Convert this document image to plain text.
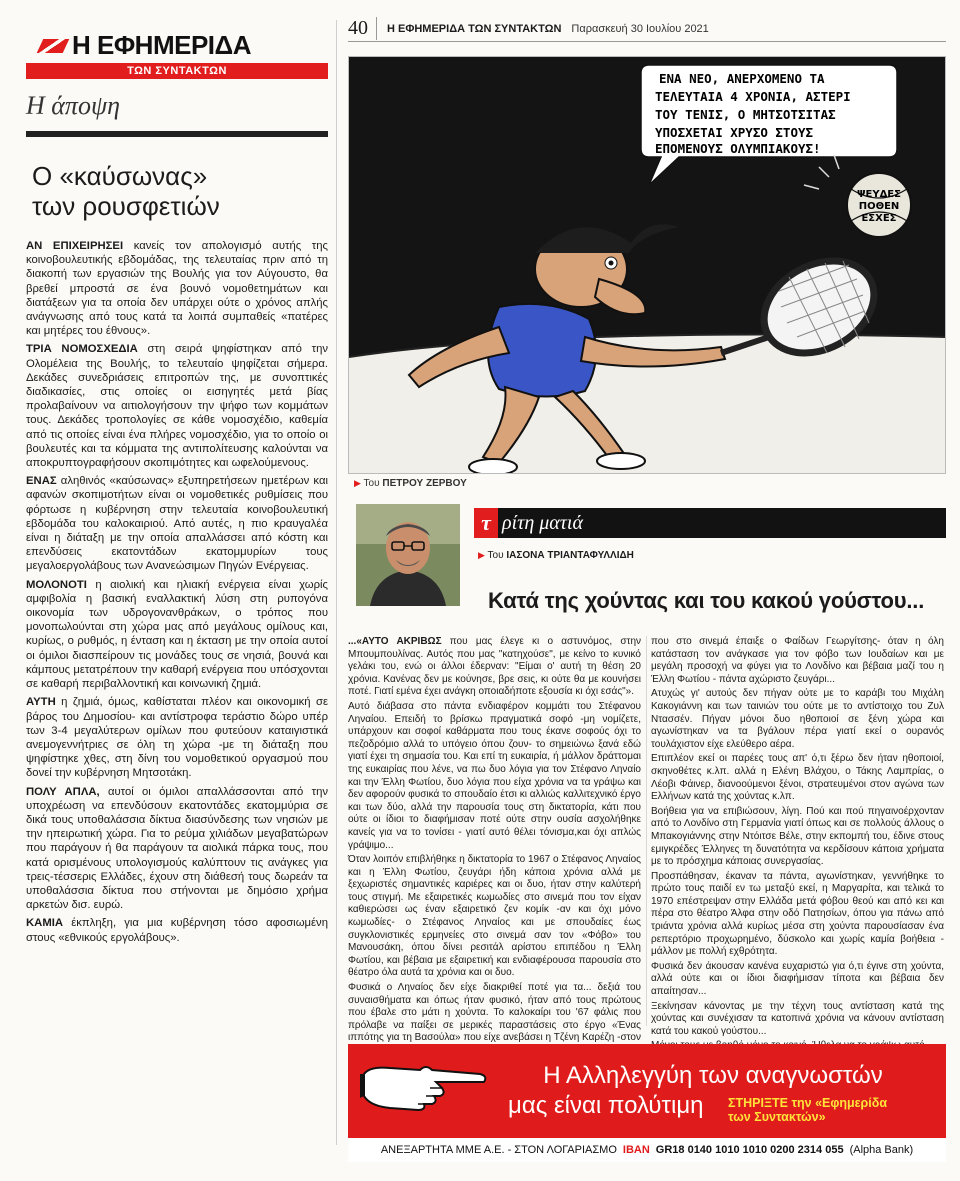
Η ΕΦΗΜΕΡΙΔΑ
ΤΩΝ ΣΥΝΤΑΚΤΩΝ
Η άποψη
Ο «καύσωνας»
των ρουσφετιών

ΑΝ ΕΠΙΧΕΙΡΗΣΕΙ κανείς τον απολογισμό αυτής της κοινοβουλευτικής εβδομάδας, της τελευταίας πριν από τη διακοπή των εργασιών της Βουλής για τον Αύγουστο, θα βρεθεί μπροστά σε ένα βουνό νομοθετημάτων και διατάξεων για τα οποία δεν υπάρχει ούτε ο χρόνος απλής ανάγνωσης από τους κατά τα λοιπά συμπαθείς «πατέρες και μητέρες του έθνους».

ΤΡΙΑ ΝΟΜΟΣΧΕΔΙΑ στη σειρά ψηφίστηκαν από την Ολομέλεια της Βουλής, το τελευταίο ψηφίζεται σήμερα. Δεκάδες συνεδριάσεις επιτροπών της, με συνοπτικές διαδικασίες, στις οποίες οι εισηγητές μετά βίας προλαβαίνουν να αιτιολογήσουν την ψήφο των κομμάτων τους. Δεκάδες τροπολογίες σε κάθε νομοσχέδιο, καθεμία από τις οποίες είναι ένα πλήρες νομοσχέδιο, για το οποίο οι βουλευτές και τα κόμματα της αντιπολίτευσης καλούνται να αποκρυπτογραφήσουν σκοπιμότητες και ωφελούμενους.

ΕΝΑΣ αληθινός «καύσωνας» εξυπηρετήσεων ημετέρων και αφανών σκοπιμοτήτων είναι οι νομοθετικές ρυθμίσεις που φόρτωσε η κυβέρνηση στην τελευταία κοινοβουλευτική εβδομάδα του καλοκαιριού. Από αυτές, η πιο κραυγαλέα είναι η διάταξη με την οποία απαλλάσσει από κόστη και επενδύσεις εκατοντάδων εκατομμυρίων τους μεγαλοεργολάβους των Ανανεώσιμων Πηγών Ενέργειας.

ΜΟΛΟΝΟΤΙ η αιολική και ηλιακή ενέργεια είναι χωρίς αμφιβολία η βασική εναλλακτική λύση στη ρυπογόνα οικονομία των υδρογονανθράκων, ο τρόπος που μονοπωλούνται στη χώρα μας από μεγάλους ομίλους και, κυρίως, ο ρυθμός, η ένταση και η έκταση με την οποία αυτοί οι όμιλοι διασπείρουν τις μονάδες τους σε νησιά, βουνά και κάμπους μετατρέπουν την καθαρή ενέργεια που υπόσχονται σε καθαρή περιβαλλοντική και κοινωνική ζημιά.

ΑΥΤΗ η ζημιά, όμως, καθίσταται πλέον και οικονομική σε βάρος του Δημοσίου- και αντίστροφα τεράστιο δώρο υπέρ των 3-4 μεγαλύτερων ομίλων που φυτεύουν καταιγιστικά ανεμογεννήτριες σε όλη τη χώρα -με τη διάταξη που ψηφίστηκε χθες, στη δίνη του νομοθετικού οργασμού που δονεί την κυβέρνηση Μητσοτάκη.

ΠΟΛΥ ΑΠΛΑ, αυτοί οι όμιλοι απαλλάσσονται από την υποχρέωση να επενδύσουν εκατοντάδες εκατομμύρια σε δικά τους υποθαλάσσια δίκτυα διασύνδεσης των νησιών με την ηπειρωτική χώρα. Για το ρεύμα χιλιάδων μεγαβατώρων που παράγουν ή θα παράγουν τα αιολικά πάρκα τους, που κατά ορισμένους υπολογισμούς καλύπτουν τις ανάγκες για τρεις-τέσσερις Ελλάδες, έχουν στη διάθεσή τους δωρεάν τα υποθαλάσσια δίκτυα που στήνονται με δημόσιο χρήμα αρκετών δισ. ευρώ.

ΚΑΜΙΑ έκπληξη, για μια κυβέρνηση τόσο αφοσιωμένη στους «εθνικούς εργολάβους».

40	Η ΕΦΗΜΕΡΙΔΑ ΤΩΝ ΣΥΝΤΑΚΤΩΝ Παρασκευή 30 Ιουλίου 2021
ΕΝΑ ΝΕΟ, ΑΝΕΡΧΟΜΕΝΟ ΤΑ
ΤΕΛΕΥΤΑΙΑ 4 ΧΡΟΝΙΑ, ΑΣΤΕΡΙ
ΤΟΥ ΤΕΝΙΣ, Ο ΜΗΤΣΟΤΣΙΤΑΣ
ΥΠΟΣΧΕΤΑΙ ΧΡΥΣΟ ΣΤΟΥΣ
ΕΠΟΜΕΝΟΥΣ ΟΛΥΜΠΙΑΚΟΥΣ!
ΨΕΥΔΕΣ
ΠΟΘΕΝ
ΕΣΧΕΣ
▶ Του ΠΕΤΡΟΥ ΖΕΡΒΟΥ
τ ρίτη ματιά
▶ Του ΙΑΣΟΝΑ ΤΡΙΑΝΤΑΦΥΛΛΙΔΗ
Κατά της χούντας και του κακού γούστου...

...«ΑΥΤΟ ΑΚΡΙΒΩΣ που μας έλεγε κι ο αστυνόμος, στην Μπουμπουλίνας. Αυτός που μας "κατηχούσε", με κείνο το κυνικό γελάκι του, ενώ οι άλλοι έδερναν: "Είμαι ο' αυτή τη θέση 20 χρόνια. Κανένας δεν με κούνησε, βρε σεις, κι ούτε θα με κουνήσει ποτέ. Γιατί εμένα έχει ανάγκη οποιαδήποτε εξουσία κι όχι εσάς"».

Αυτό διάβασα στο πάντα ενδιαφέρον κομμάτι του Στέφανου Ληναίου. Επειδή το βρίσκω πραγματικά σοφό -μη νομίζετε, υπάρχουν και σοφοί καθάρματα που τους έκανε σοφούς όχι το πεζοδρόμιο αλλά το υπόγειο όπου ζουν- το σημειώνω ξανά εδώ γιατί έχει τη σημασία του. Και επί τη ευκαιρία, ή μάλλον δράττομαι της ευκαιρίας που λένε, να πω δυο λόγια για τον Στέφανο Ληναίο και την Έλλη Φωτίου, δυο λόγια που είχα χρόνια να τα γράψω και δεν αφορούν φυσικά το σπουδαίο έτσι κι αλλιώς καλλιτεχνικό έργο και των δύο, αλλά την παρουσία τους στη δικτατορία, κάτι που ούτε οι ίδιοι το διαφήμισαν ποτέ ούτε στην ουσία ασχολήθηκε κανείς για να το τονίσει - γιατί αυτό θέλει τόνισμα,και όχι απλώς γράψιμο...

Όταν λοιπόν επιβλήθηκε η δικτατορία το 1967 ο Στέφανος Ληναίος και η Έλλη Φωτίου, ζευγάρι ήδη κάποια χρόνια αλλά με ξεχωριστές σημαντικές καριέρες και οι δυο, ήταν στην καλύτερή τους στιγμή. Με εξαιρετικές κωμωδίες στο σινεμά που τον είχαν καθιερώσει ως έναν εξαιρετικό ζεν κομίκ -αν και όχι μόνο κωμωδίες- ο Στέφανος Ληναίος και με σπουδαίες έως συγκλονιστικές ερμηνείες στο σινεμά σαν τον «Φόβο» του Μανουσάκη, όπου δίνει ρεσιτάλ αρίστου επιπέδου η Έλλη Φωτίου, και βέβαια με εξαιρετική και ενδιαφέρουσα παρουσία στο θέατρο όλα αυτά τα χρόνια και οι δυο.

Φυσικά ο Ληναίος δεν είχε διακριθεί ποτέ για τα... δεξιά του συναισθήματα και όπως ήταν φυσικό, ήταν από τους πρώτους που έβαλε στο μάτι η χούντα. Το καλοκαίρι του '67 φάλις που πρόλαβε να παίξει σε μερικές παραστάσεις στο έργο «Ένας ιππότης για τη Βασούλα» που είχε ανεβάσει η Τζένη Καρέζη -στον

που στο σινεμά έπαιξε ο Φαίδων Γεωργίτσης- όταν η όλη κατάσταση τον ανάγκασε για τον φόβο των Ιουδαίων και με μεγάλη προσοχή να φύγει για το Λονδίνο και βέβαια μαζί του η Έλλη Φωτίου - πάντα αχώριστο ζευγάρι...

Ατυχώς γι' αυτούς δεν πήγαν ούτε με το καράβι του Μιχάλη Κακογιάννη και των ταινιών του ούτε με το αντίστοιχο του Ζυλ Ντασσέν. Πήγαν μόνοι δυο ηθοποιοί σε ξένη χώρα και αγωνίστηκαν να τα βγάλουν πέρα γιατί εκεί ο ουρανός τουλάχιστον είχε ελεύθερο αέρα.

Επιπλέον εκεί οι παρέες τους απ' ό,τι ξέρω δεν ήταν ηθοποιοί, σκηνοθέτες κ.λπ. αλλά η Ελένη Βλάχου, ο Τάκης Λαμπρίας, ο Λέοβι Φάινερ, διανοούμενοι ξένοι, στρατευμένοι στον αγώνα των Ελλήνων κατά της χούντας κ.λπ.

Βοήθεια για να επιβιώσουν, λίγη. Πού και πού πηγαινοέρχονταν από το Λονδίνο στη Γερμανία γιατί όπως και σε πολλούς άλλους ο Μπακογιάννης στην Ντόιτσε Βέλε, στην εκπομπή του, έδινε στους εμιγκρέδες Έλληνες τη δυνατότητα να κερδίσουν κάποια χρήματα με το πρόσχημα κάποιας συνεργασίας.

Προσπάθησαν, έκαναν τα πάντα, αγωνίστηκαν, γεννήθηκε το πρώτο τους παιδί εν τω μεταξύ εκεί, η Μαργαρίτα, και τελικά το 1970 επέστρεψαν στην Ελλάδα μετά φόβου θεού και από κει και πέρα στο θέατρο Άλφα στην οδό Πατησίων, όπου για πάνω από τριάντα χρόνια αλλά κυρίως μέσα στη χούντα παρουσίασαν ένα ρεπερτόριο προχωρημένο, δύσκολο και χωρίς καμία βοήθεια - μάλλον με πολλή εχθρότητα.

Φυσικά δεν άκουσαν κανένα ευχαριστώ για ό,τι έγινε στη χούντα, αλλά ούτε και οι ίδιοι διαφήμισαν τίποτα και βέβαια δεν απαίτησαν...

Ξεκίνησαν κάνοντας με την τέχνη τους αντίσταση κατά της χούντας και συνέχισαν τα κατοπινά χρόνια να κάνουν αντίσταση κατά του κακού γούστου...

Η Αλληλεγγύη των αναγνωστών
μας είναι πολύτιμη ΣΤΗΡΙΞΤΕ την «Εφημερίδα
των Συντακτών»
ΑΝΕΞΑΡΤΗΤΑ ΜΜΕ Α.Ε. - ΣΤΟΝ ΛΟΓΑΡΙΑΣΜΟ IBAN GR18 0140 1010 1010 0200 2314 055 (Alpha Bank)
